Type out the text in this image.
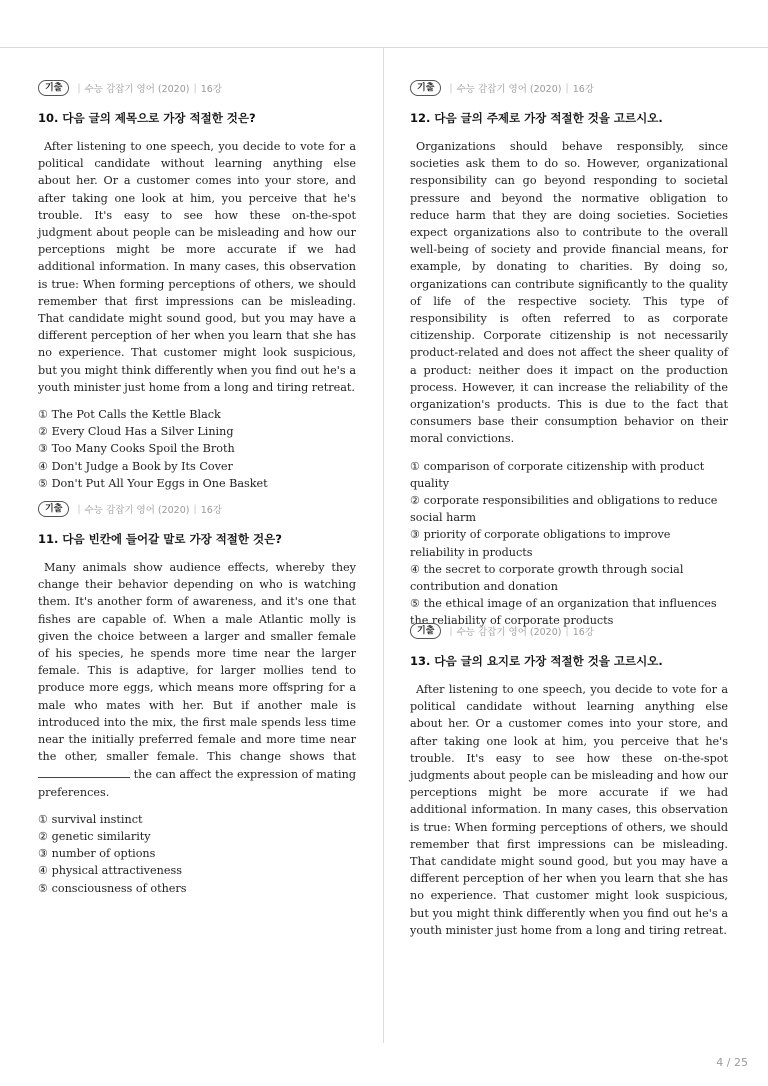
기출	| 수능 감잡기 영어 (2020) | 16강
10. 다음 글의 제목으로 가장 적절한 것은?
After listening to one speech, you decide to vote for a political candidate without learning anything else about her. Or a customer comes into your store, and after taking one look at him, you perceive that he's trouble. It's easy to see how these on-the-spot judgment about people can be misleading and how our perceptions might be more accurate if we had additional information. In many cases, this observation is true: When forming perceptions of others, we should remember that first impressions can be misleading. That candidate might sound good, but you may have a different perception of her when you learn that she has no experience. That customer might look suspicious, but you might think differently when you find out he's a youth minister just home from a long and tiring retreat.
① The Pot Calls the Kettle Black
② Every Cloud Has a Silver Lining
③ Too Many Cooks Spoil the Broth
④ Don't Judge a Book by Its Cover
⑤ Don't Put All Your Eggs in One Basket
기출	| 수능 감잡기 영어 (2020) | 16강
11. 다음 빈칸에 들어갈 말로 가장 적절한 것은?
Many animals show audience effects, whereby they change their behavior depending on who is watching them. It's another form of awareness, and it's one that fishes are capable of. When a male Atlantic molly is given the choice between a larger and smaller female of his species, he spends more time near the larger female. This is adaptive, for larger mollies tend to produce more eggs, which means more offspring for a male who mates with her. But if another male is introduced into the mix, the first male spends less time near the initially preferred female and more time near the other, smaller female. This change shows that  the can affect the expression of mating preferences.
① survival instinct
② genetic similarity
③ number of options
④ physical attractiveness
⑤ consciousness of others
기출	| 수능 감잡기 영어 (2020) | 16강
12. 다음 글의 주제로 가장 적절한 것을 고르시오.
Organizations should behave responsibly, since societies ask them to do so. However, organizational responsibility can go beyond responding to societal pressure and beyond the normative obligation to reduce harm that they are doing societies. Societies expect organizations also to contribute to the overall well-being of society and provide financial means, for example, by donating to charities. By doing so, organizations can contribute significantly to the quality of life of the respective society. This type of responsibility is often referred to as corporate citizenship. Corporate citizenship is not necessarily product-related and does not affect the sheer quality of a product: neither does it impact on the production process. However, it can increase the reliability of the organization's products. This is due to the fact that consumers base their consumption behavior on their moral convictions.
① comparison of corporate citizenship with product quality
② corporate responsibilities and obligations to reduce social harm
③ priority of corporate obligations to improve reliability in products
④ the secret to corporate growth through social contribution and donation
⑤ the ethical image of an organization that influences the reliability of corporate products
기출	| 수능 감잡기 영어 (2020) | 16강
13. 다음 글의 요지로 가장 적절한 것을 고르시오.
After listening to one speech, you decide to vote for a political candidate without learning anything else about her. Or a customer comes into your store, and after taking one look at him, you perceive that he's trouble. It's easy to see how these on-the-spot judgments about people can be misleading and how our perceptions might be more accurate if we had additional information. In many cases, this observation is true: When forming perceptions of others, we should remember that first impressions can be misleading. That candidate might sound good, but you may have a different perception of her when you learn that she has no experience. That customer might look suspicious, but you might think differently when you find out he's a youth minister just home from a long and tiring retreat.
4 / 25
